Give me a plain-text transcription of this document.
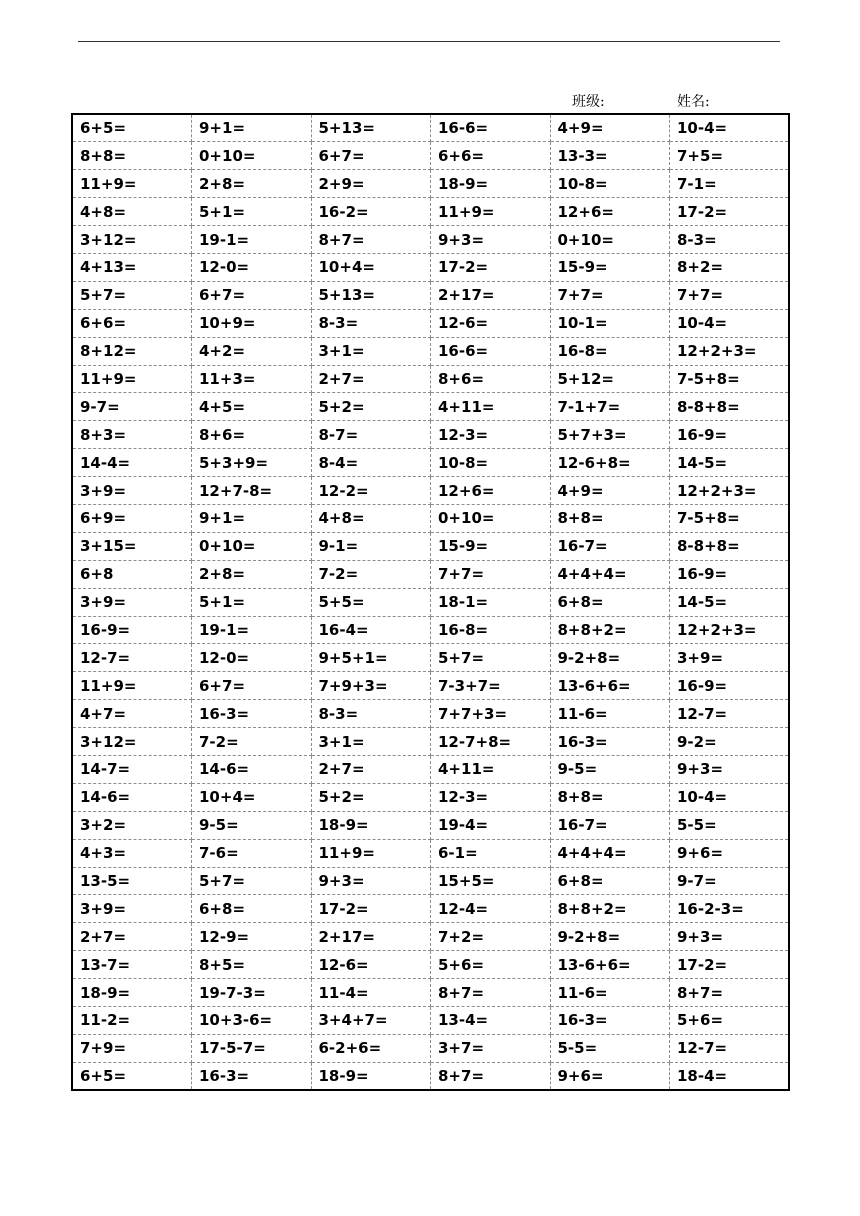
班级:	姓名:
6+5=	9+1=	5+13=	16-6=	4+9=	10-4=
8+8=	0+10=	6+7=	6+6=	13-3=	7+5=
11+9=	2+8=	2+9=	18-9=	10-8=	7-1=
4+8=	5+1=	16-2=	11+9=	12+6=	17-2=
3+12=	19-1=	8+7=	9+3=	0+10=	8-3=
4+13=	12-0=	10+4=	17-2=	15-9=	8+2=
5+7=	6+7=	5+13=	2+17=	7+7=	7+7=
6+6=	10+9=	8-3=	12-6=	10-1=	10-4=
8+12=	4+2=	3+1=	16-6=	16-8=	12+2+3=
11+9=	11+3=	2+7=	8+6=	5+12=	7-5+8=
9-7=	4+5=	5+2=	4+11=	7-1+7=	8-8+8=
8+3=	8+6=	8-7=	12-3=	5+7+3=	16-9=
14-4=	5+3+9=	8-4=	10-8=	12-6+8=	14-5=
3+9=	12+7-8=	12-2=	12+6=	4+9=	12+2+3=
6+9=	9+1=	4+8=	0+10=	8+8=	7-5+8=
3+15=	0+10=	9-1=	15-9=	16-7=	8-8+8=
6+8	2+8=	7-2=	7+7=	4+4+4=	16-9=
3+9=	5+1=	5+5=	18-1=	6+8=	14-5=
16-9=	19-1=	16-4=	16-8=	8+8+2=	12+2+3=
12-7=	12-0=	9+5+1=	5+7=	9-2+8=	3+9=
11+9=	6+7=	7+9+3=	7-3+7=	13-6+6=	16-9=
4+7=	16-3=	8-3=	7+7+3=	11-6=	12-7=
3+12=	7-2=	3+1=	12-7+8=	16-3=	9-2=
14-7=	14-6=	2+7=	4+11=	9-5=	9+3=
14-6=	10+4=	5+2=	12-3=	8+8=	10-4=
3+2=	9-5=	18-9=	19-4=	16-7=	5-5=
4+3=	7-6=	11+9=	6-1=	4+4+4=	9+6=
13-5=	5+7=	9+3=	15+5=	6+8=	9-7=
3+9=	6+8=	17-2=	12-4=	8+8+2=	16-2-3=
2+7=	12-9=	2+17=	7+2=	9-2+8=	9+3=
13-7=	8+5=	12-6=	5+6=	13-6+6=	17-2=
18-9=	19-7-3=	11-4=	8+7=	11-6=	8+7=
11-2=	10+3-6=	3+4+7=	13-4=	16-3=	5+6=
7+9=	17-5-7=	6-2+6=	3+7=	5-5=	12-7=
6+5=	16-3=	18-9=	8+7=	9+6=	18-4=
